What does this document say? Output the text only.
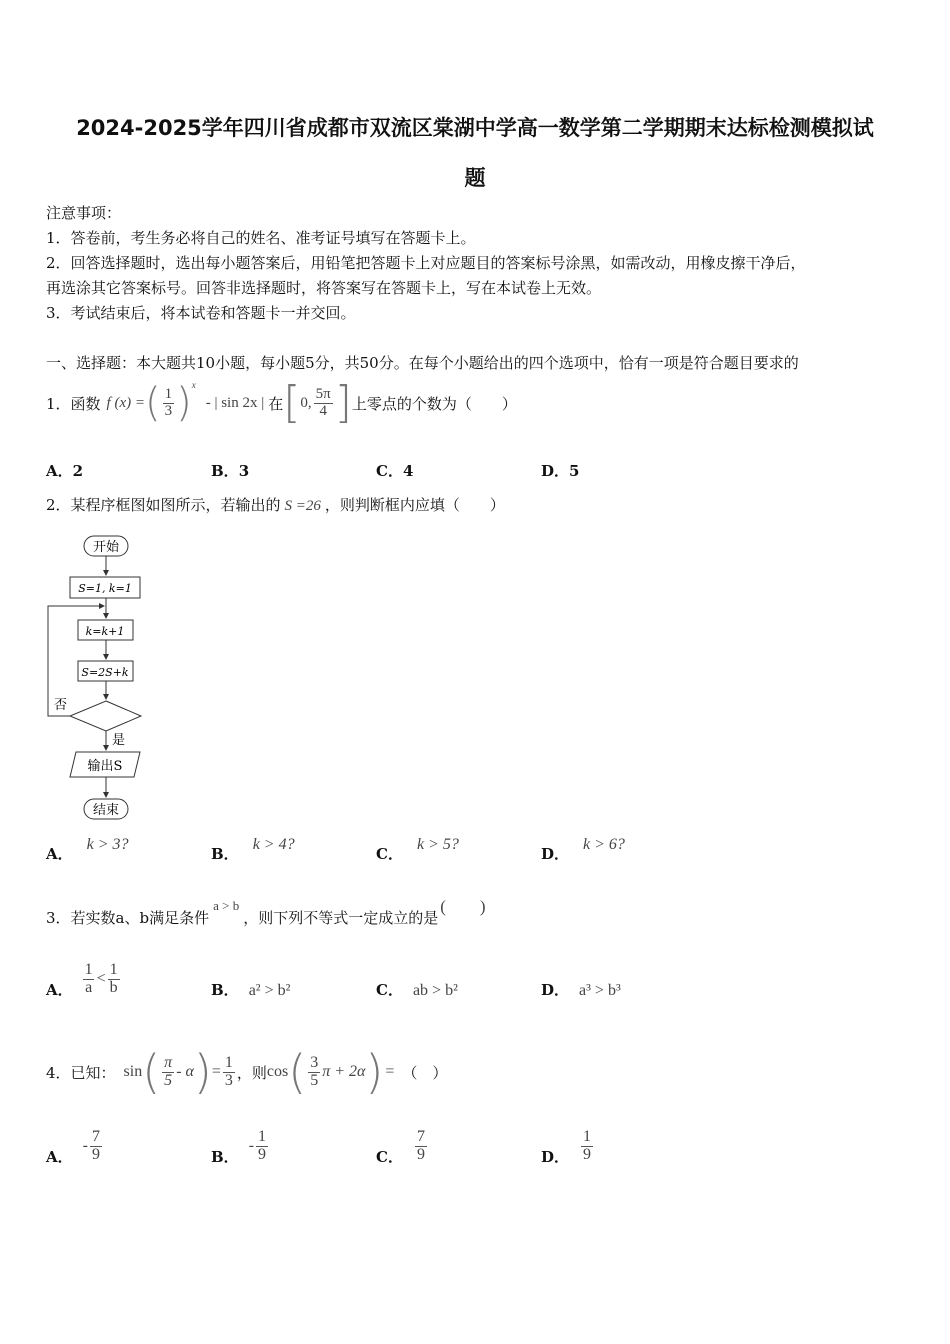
2024-2025学年四川省成都市双流区棠湖中学高一数学第二学期期末达标检测模拟试
题
注意事项：
1．答卷前，考生务必将自己的姓名、准考证号填写在答题卡上。
2．回答选择题时，选出每小题答案后，用铅笔把答题卡上对应题目的答案标号涂黑，如需改动，用橡皮擦干净后，
再选涂其它答案标号。回答非选择题时，将答案写在答题卡上，写在本试卷上无效。
3．考试结束后，将本试卷和答题卡一并交回。
一、选择题：本大题共10小题，每小题5分，共50分。在每个小题给出的四个选项中，恰有一项是符合题目要求的
1．函数 f (x) = ( $\frac{1}{3}$ ) x
- | sin 2x | 在 [ 0, $\frac{5\pi}{4}$ ] 上零点的个数为（　　）
A．2	B．3	C．4	D．5
2．某程序框图如图所示，若输出的 S =26 ，则判断框内应填（　　）
开始
S=1, k=1
k=k+1
S=2S+k
否
是
输出S
结束
A．
k > 3?
B．
k > 4?
C．
k > 5?
D．
k > 6?
3．若实数a、b满足条件
a > b
，则下列不等式一定成立的是
(　　)
A． $\frac{1}{a} < \frac{1}{b}$	B． a² > b²	C． ab > b²	D． a³ > b³
4．已知： sin ( $\frac{\pi}{5}$ - α ) = $\frac{1}{3}$ ，则 cos ( $\frac{3}{5}$ π + 2α ) = （　）
A．
- $\frac{7}{9}$	B．
- $\frac{1}{9}$	C． $\frac{7}{9}$	D． $\frac{1}{9}$
